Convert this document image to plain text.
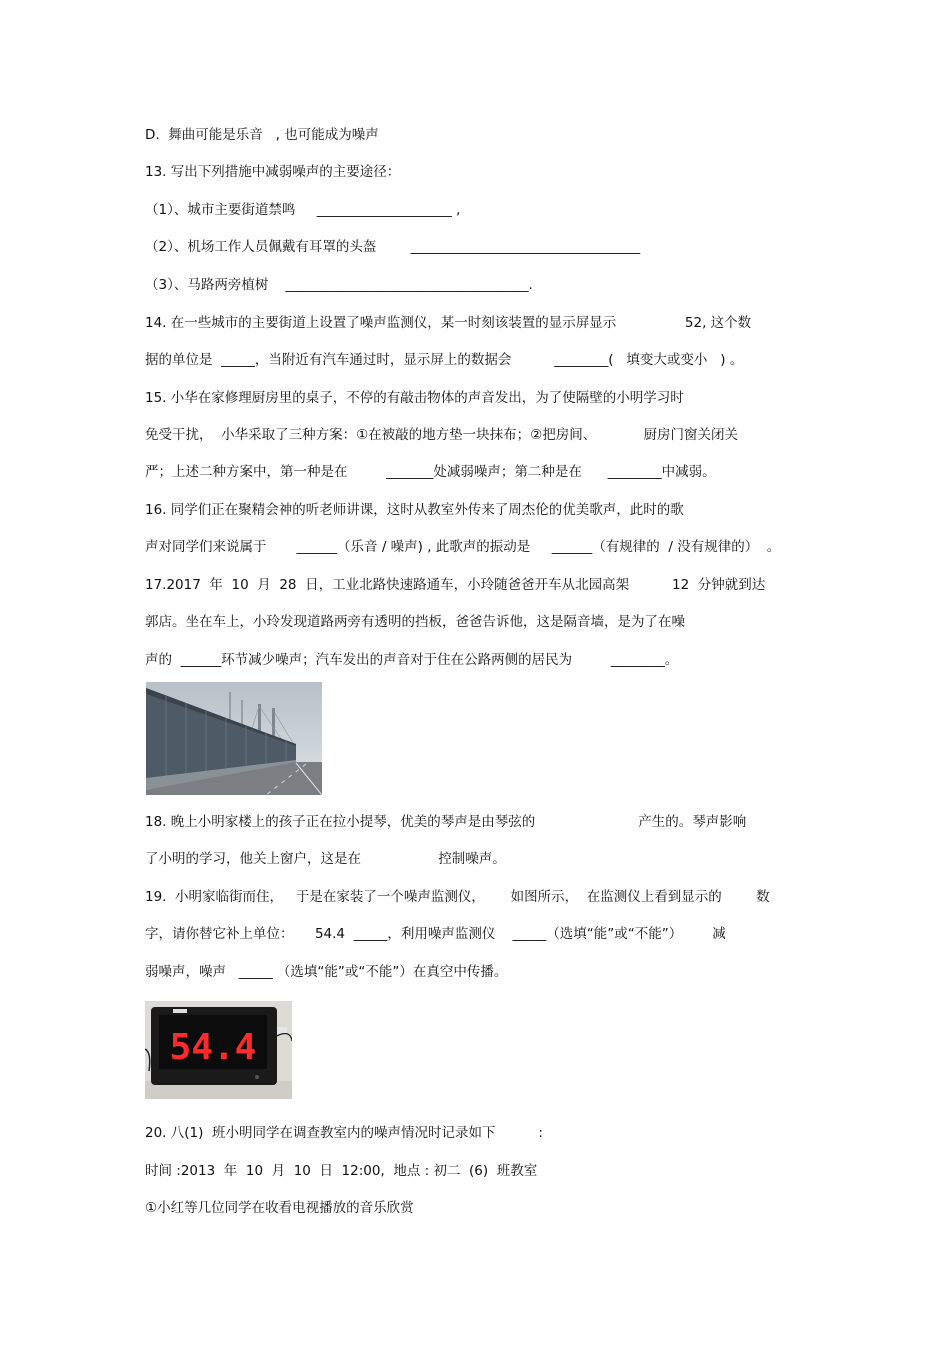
D.  舞曲可能是乐音   , 也可能成为噪声
13. 写出下列措施中减弱噪声的主要途径：
（1）、城市主要街道禁鸣     ____________________ ,
（2）、机场工作人员佩戴有耳罩的头盔        __________________________________
（3）、马路两旁植树    ____________________________________.
14. 在一些城市的主要街道上设置了噪声监测仪，某一时刻该装置的显示屏显示                52, 这个数
据的单位是  _____，当附近有汽车通过时，显示屏上的数据会          ________(   填变大或变小   ) 。
15. 小华在家修理厨房里的桌子，不停的有敲击物体的声音发出，为了使隔壁的小明学习时
免受干扰，  小华采取了三种方案：①在被敲的地方垫一块抹布；②把房间、           厨房门窗关闭关
严；上述二种方案中，第一种是在         _______处减弱噪声；第二种是在      ________中减弱。
16. 同学们正在聚精会神的听老师讲课，这时从教室外传来了周杰伦的优美歌声，此时的歌
声对同学们来说属于       ______（乐音 / 噪声) , 此歌声的振动是     ______（有规律的  / 没有规律的）  。
17.2017  年  10  月  28  日，工业北路快速路通车，小玲随爸爸开车从北园高架          12  分钟就到达
郭店。坐在车上，小玲发现道路两旁有透明的挡板，爸爸告诉他，这是隔音墙，是为了在噪
声的  ______环节减少噪声；汽车发出的声音对于住在公路两侧的居民为         ________。
18. 晚上小明家楼上的孩子正在拉小提琴，优美的琴声是由琴弦的                        产生的。琴声影响
了小明的学习，他关上窗户，这是在                  控制噪声。
19.  小明家临街而住，   于是在家装了一个噪声监测仪，      如图所示，  在监测仪上看到显示的        数
字，请你替它补上单位：     54.4  _____，利用噪声监测仪    _____（选填“能”或“不能”）       减
弱噪声，噪声   _____ （选填“能”或“不能”）在真空中传播。
54.4
20. 八(1)  班小明同学在调查教室内的噪声情况时记录如下          :
时间 :2013  年  10  月  10  日  12:00,  地点 : 初二  (6)  班教室
①小红等几位同学在收看电视播放的音乐欣赏
